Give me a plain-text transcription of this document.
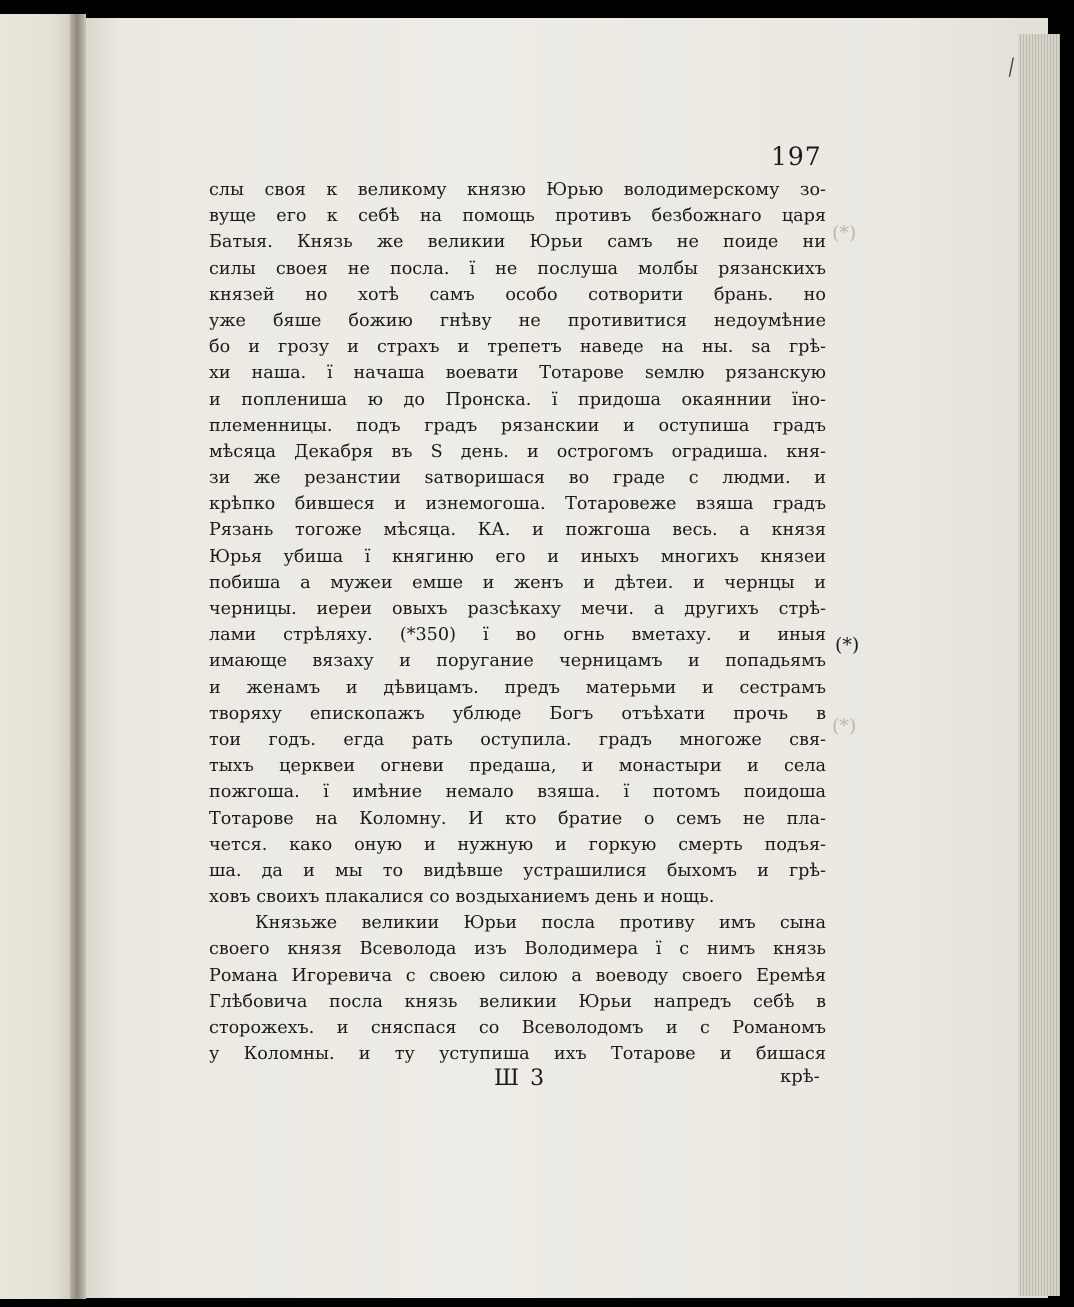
⁄
197
слы своя к великому князю Юрью володимерскому зо-
вуще его к себѣ на помощь противъ безбожнаго царя
Батыя. Князь же великии Юрьи самъ не поиде ни
силы своея не посла. ї не послуша молбы рязанскихъ
князей но хотѣ самъ особо сотворити брань. но
уже бяше божию гнѣву не противитися недоумѣние
бо и грозу и страхъ и трепетъ наведе на ны. ѕа грѣ-
хи наша. ї начаша воевати Тотарове ѕемлю рязанскую
и поплениша ю до Пронска. ї придоша окаяннии їно-
племенницы. подъ градъ рязанскии и оступиша градъ
мѣсяца Декабря въ Ѕ день. и острогомъ оградиша. кня-
зи же резанстии ѕатворишася во граде с людми. и
крѣпко бившеся и изнемогоша. Тотаровеже взяша градъ
Рязань тогоже мѣсяца. КА. и пожгоша весь. а князя
Юрья убиша ї княгиню его и иныхъ многихъ князеи
побиша а мужеи емше и женъ и дѣтеи. и чернцы и
черницы. иереи овыхъ разсѣкаху мечи. а другихъ стрѣ-
лами стрѣляху. (*350) ї во огнь вметаху. и иныя
имающе вязаху и поругание черницамъ и попадьямъ
и женамъ и дѣвицамъ. предъ матерьми и сестрамъ
творяху епископажъ ублюде Богъ отъѣхати прочь в
тои годъ. егда рать оступила. градъ многоже свя-
тыхъ церквеи огневи предаша, и монастыри и села
пожгоша. ї имѣние немало взяша. ї потомъ поидоша
Тотарове на Коломну. И кто братие о семъ не пла-
чется. како оную и нужную и горкую смерть подъя-
ша. да и мы то видѣвше устрашилися быхомъ и грѣ-
ховъ своихъ плакалися со воздыханиемъ день и нощь.
Князьже великии Юрьи посла противу имъ сына
своего князя Всеволода изъ Володимера ї с нимъ князь
Романа Игоревича с своею силою а воеводу своего Еремѣя
Глѣбовича посла князь великии Юрьи напредъ себѣ в
сторожехъ. и сняспася со Всеволодомъ и с Романомъ
у Коломны. и ту уступиша ихъ Тотарове и бишася
(*)
(*)
(*)
Ш 3	крѣ-
